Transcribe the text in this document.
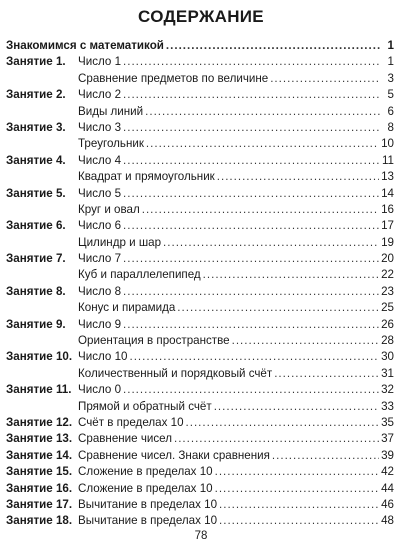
СОДЕРЖАНИЕ
Знакомимся с математикой .....	1
Занятие 1. Число 1 .....	1
Сравнение предметов по величине .....	3
Занятие 2. Число 2 .....	5
Виды линий .....	6
Занятие 3. Число 3 .....	8
Треугольник .....	10
Занятие 4. Число 4 .....	11
Квадрат и прямоугольник .....	13
Занятие 5. Число 5 .....	14
Круг и овал .....	16
Занятие 6. Число 6 .....	17
Цилиндр и шар .....	19
Занятие 7. Число 7 .....	20
Куб и параллелепипед .....	22
Занятие 8. Число 8 .....	23
Конус и пирамида .....	25
Занятие 9. Число 9 .....	26
Ориентация в пространстве .....	28
Занятие 10. Число 10 .....	30
Количественный и порядковый счёт .....	31
Занятие 11. Число 0 .....	32
Прямой и обратный счёт .....	33
Занятие 12. Счёт в пределах 10 .....	35
Занятие 13. Сравнение чисел .....	37
Занятие 14. Сравнение чисел. Знаки сравнения .....	39
Занятие 15. Сложение в пределах 10 .....	42
Занятие 16. Сложение в пределах 10 .....	44
Занятие 17. Вычитание в пределах 10 .....	46
Занятие 18. Вычитание в пределах 10 .....	48
78
